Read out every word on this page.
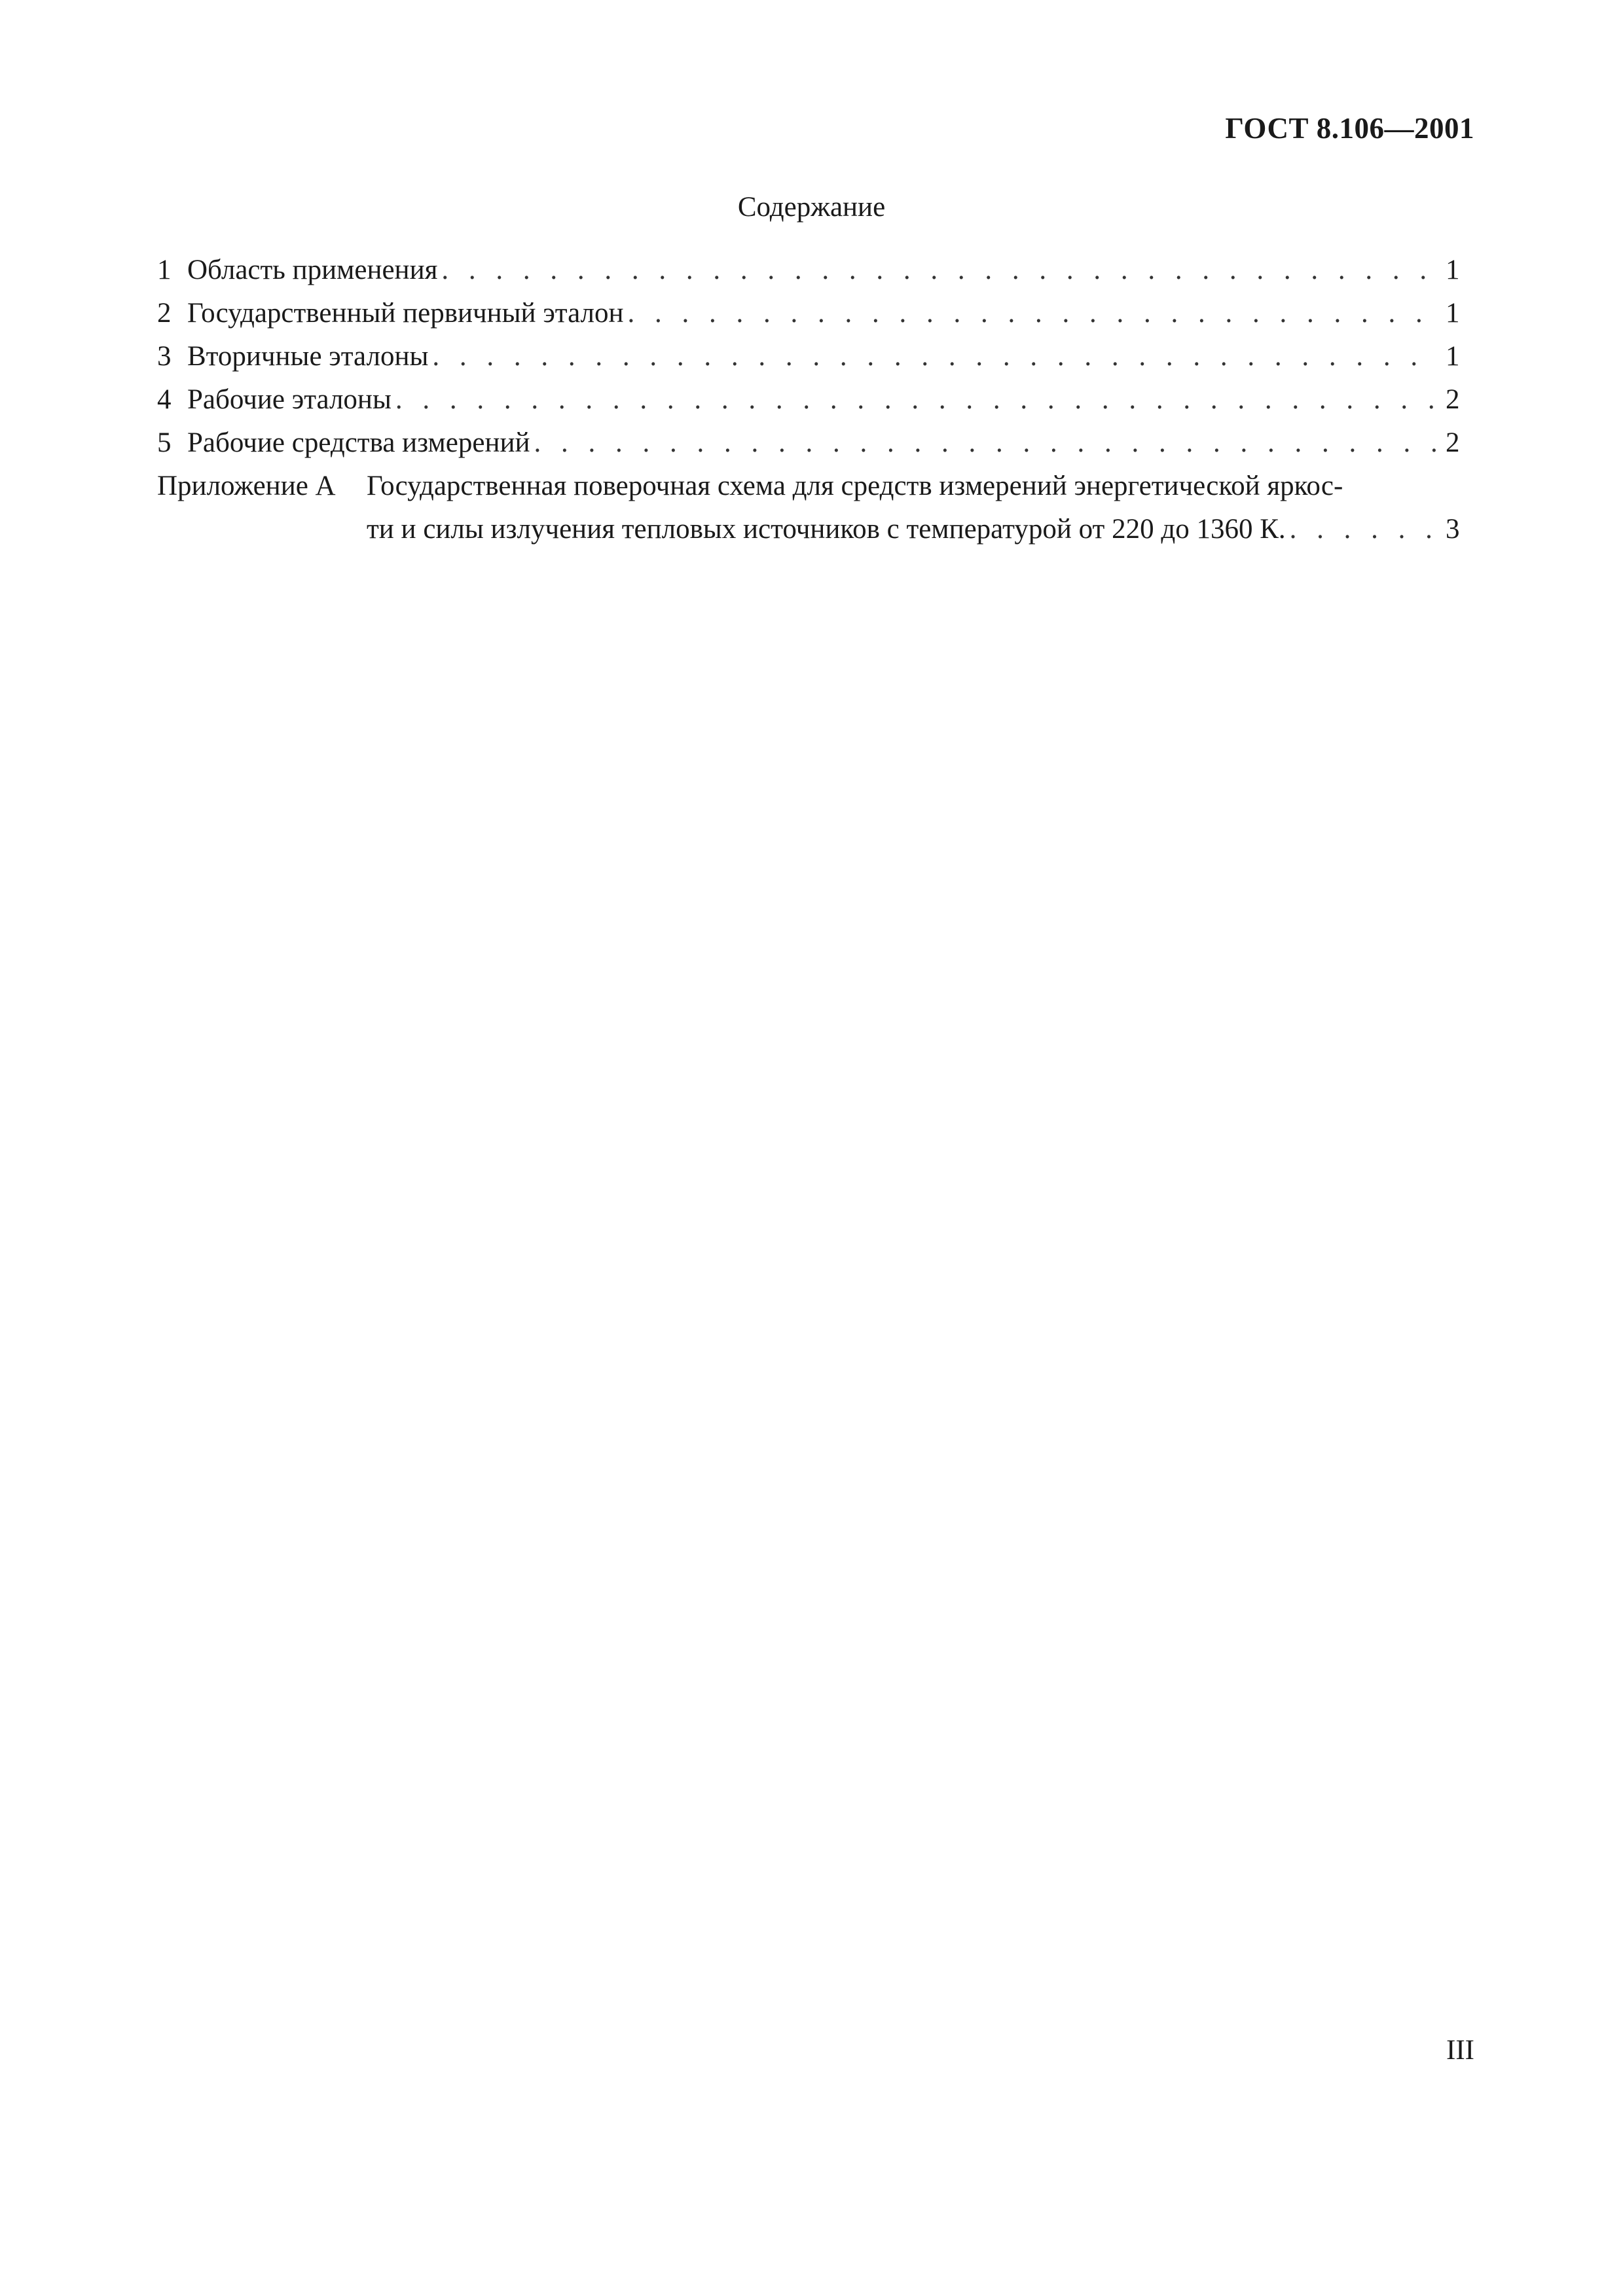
ГОСТ 8.106—2001
Содержание
1 Область применения . . .	1
2 Государственный первичный эталон . . .	1
3 Вторичные эталоны . . .	1
4 Рабочие эталоны . . .	2
5 Рабочие средства измерений . . .	2
Приложение А	Государственная поверочная схема для средств измерений энергетической яркос-
ти и силы излучения тепловых источников с температурой от 220 до 1360 К. . . .	3
III
